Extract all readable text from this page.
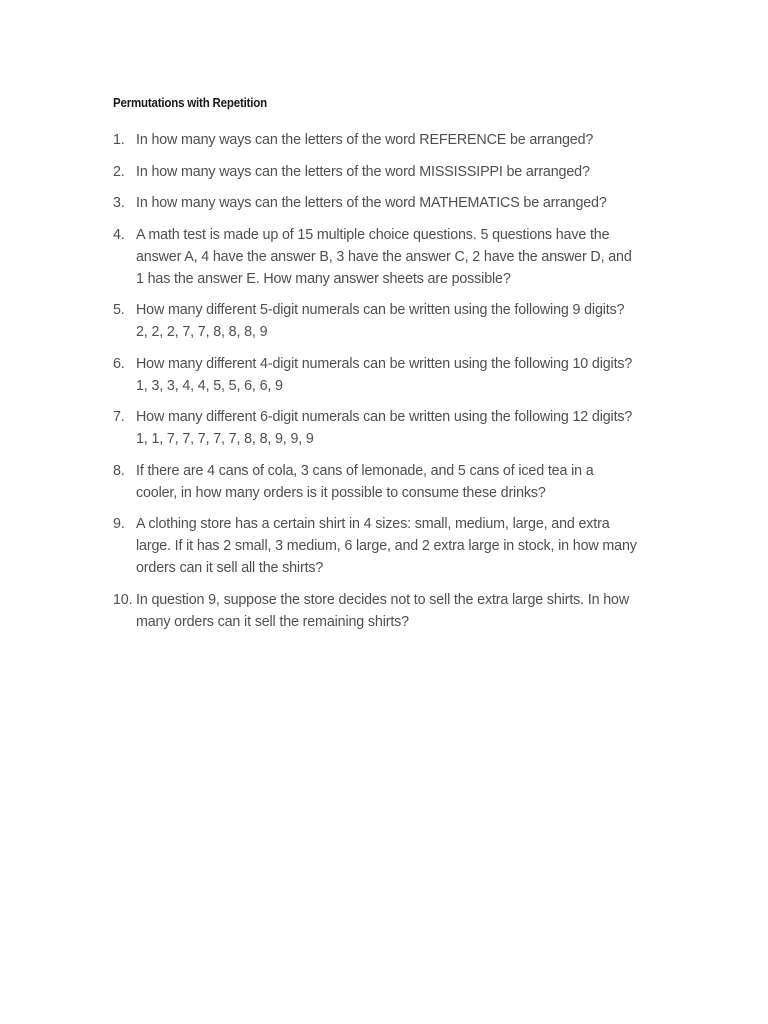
Permutations with Repetition
1. In how many ways can the letters of the word REFERENCE be arranged?
2. In how many ways can the letters of the word MISSISSIPPI be arranged?
3. In how many ways can the letters of the word MATHEMATICS be arranged?
4. A math test is made up of 15 multiple choice questions. 5 questions have the
answer A, 4 have the answer B, 3 have the answer C, 2 have the answer D, and
1 has the answer E. How many answer sheets are possible?
5. How many different 5-digit numerals can be written using the following 9 digits?
2, 2, 2, 7, 7, 8, 8, 8, 9
6. How many different 4-digit numerals can be written using the following 10 digits?
1, 3, 3, 4, 4, 5, 5, 6, 6, 9
7. How many different 6-digit numerals can be written using the following 12 digits?
1, 1, 7, 7, 7, 7, 7, 8, 8, 9, 9, 9
8. If there are 4 cans of cola, 3 cans of lemonade, and 5 cans of iced tea in a
cooler, in how many orders is it possible to consume these drinks?
9. A clothing store has a certain shirt in 4 sizes: small, medium, large, and extra
large. If it has 2 small, 3 medium, 6 large, and 2 extra large in stock, in how many
orders can it sell all the shirts?
10. In question 9, suppose the store decides not to sell the extra large shirts. In how
many orders can it sell the remaining shirts?
